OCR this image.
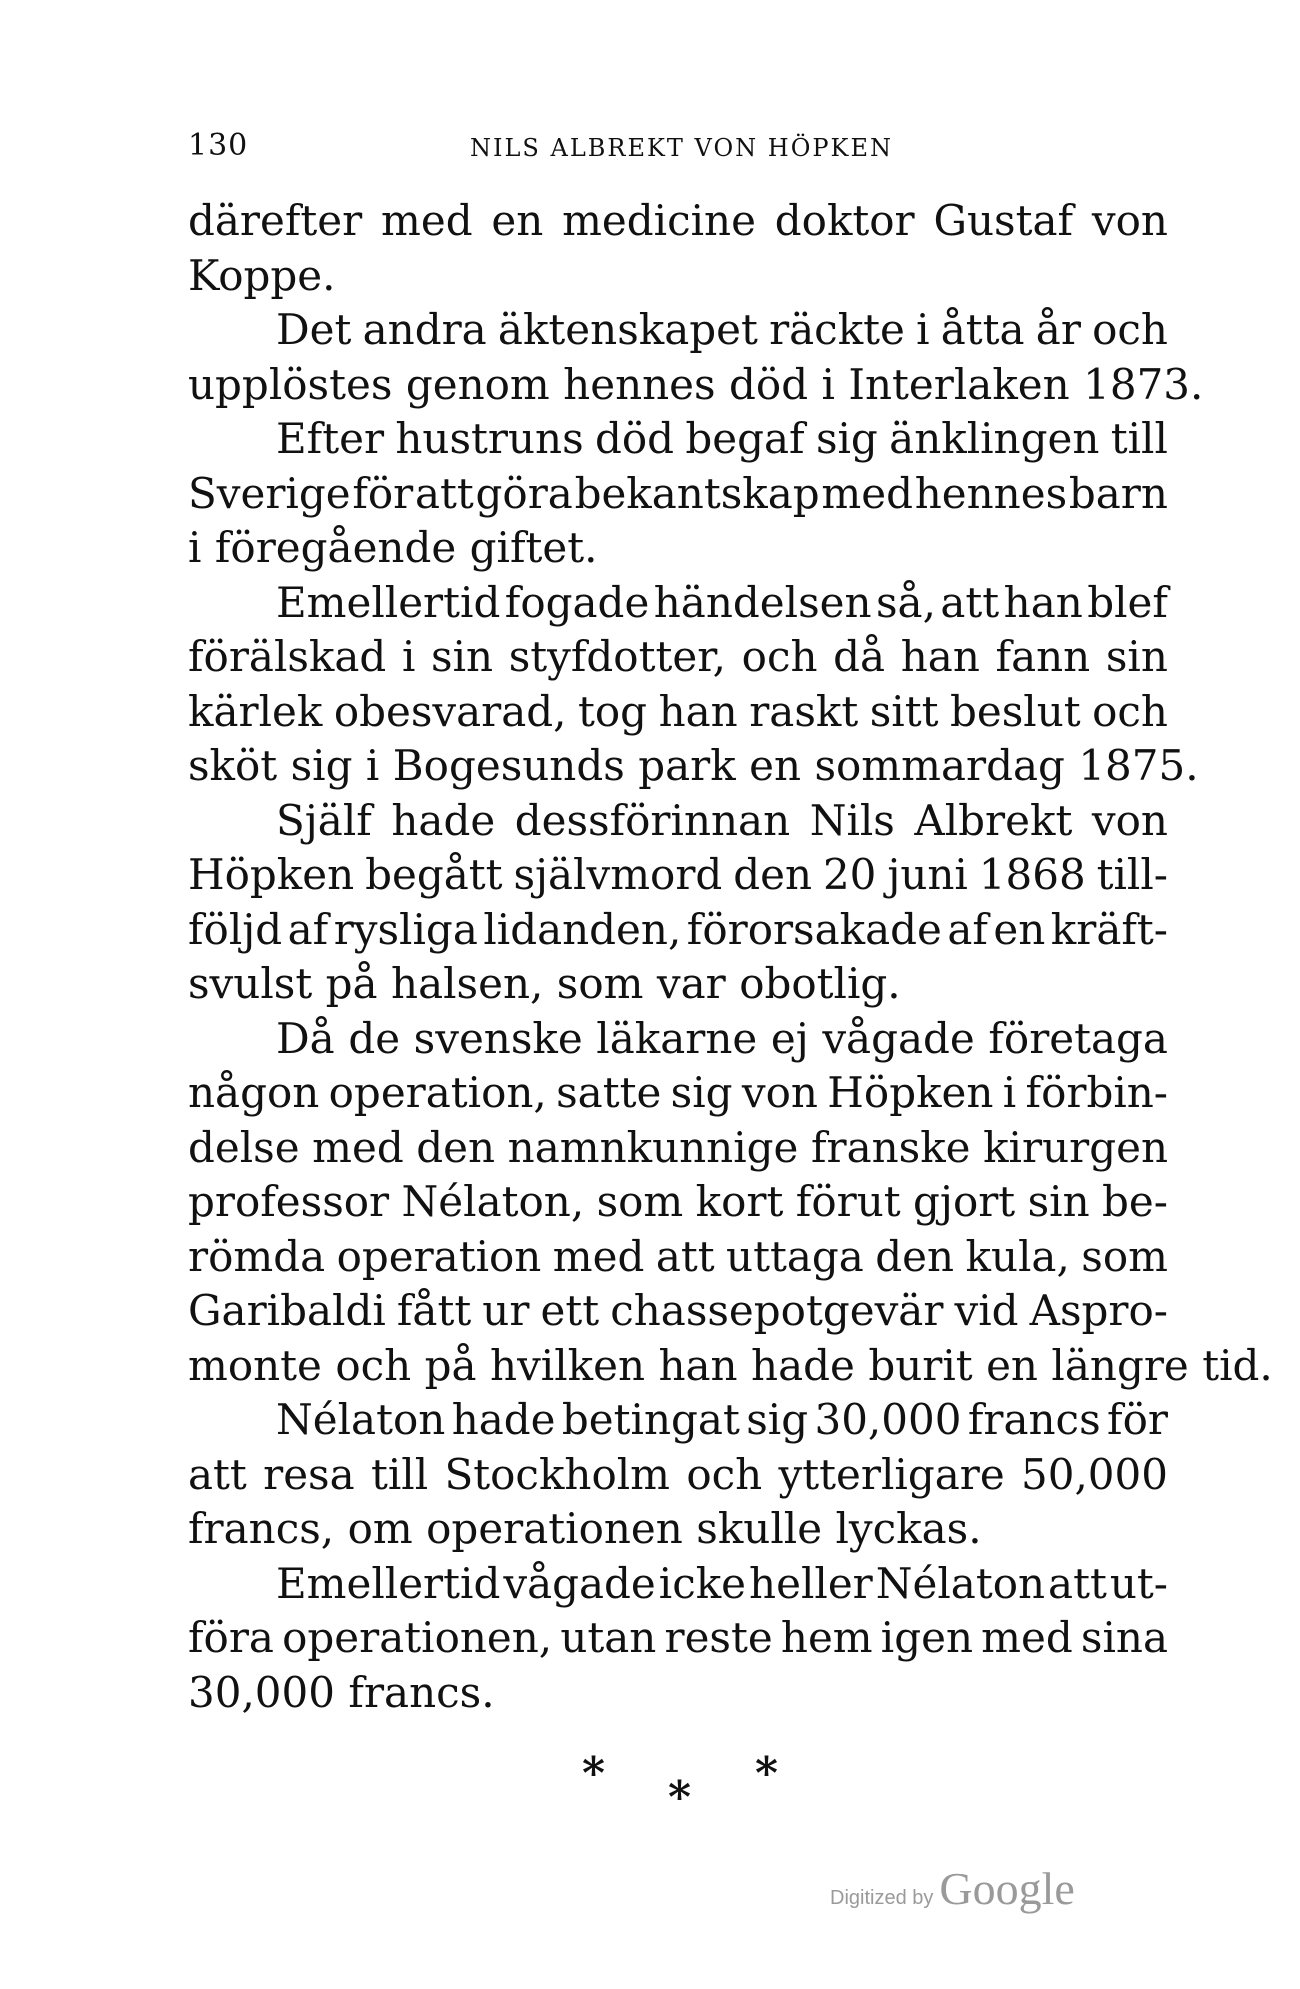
130	NILS ALBREKT VON HÖPKEN
därefter med en medicine doktor Gustaf von
Koppe.
Det andra äktenskapet räckte i åtta år och
upplöstes genom hennes död i Interlaken 1873.
Efter hustruns död begaf sig änklingen till
Sverige för att göra bekantskap med hennes barn
i föregående giftet.
Emellertid fogade händelsen så, att han blef
förälskad i sin styfdotter, och då han fann sin
kärlek obesvarad, tog han raskt sitt beslut och
sköt sig i Bogesunds park en sommardag 1875.
Själf hade dessförinnan Nils Albrekt von
Höpken begått självmord den 20 juni 1868 till-
följd af rysliga lidanden, förorsakade af en kräft-
svulst på halsen, som var obotlig.
Då de svenske läkarne ej vågade företaga
någon operation, satte sig von Höpken i förbin-
delse med den namnkunnige franske kirurgen
professor Nélaton, som kort förut gjort sin be-
römda operation med att uttaga den kula, som
Garibaldi fått ur ett chassepotgevär vid Aspro-
monte och på hvilken han hade burit en längre tid.
Nélaton hade betingat sig 30,000 francs för
att resa till Stockholm och ytterligare 50,000
francs, om operationen skulle lyckas.
Emellertid vågade icke heller Nélaton att ut-
föra operationen, utan reste hem igen med sina
30,000 francs.
*	*
*
Digitized by Google
